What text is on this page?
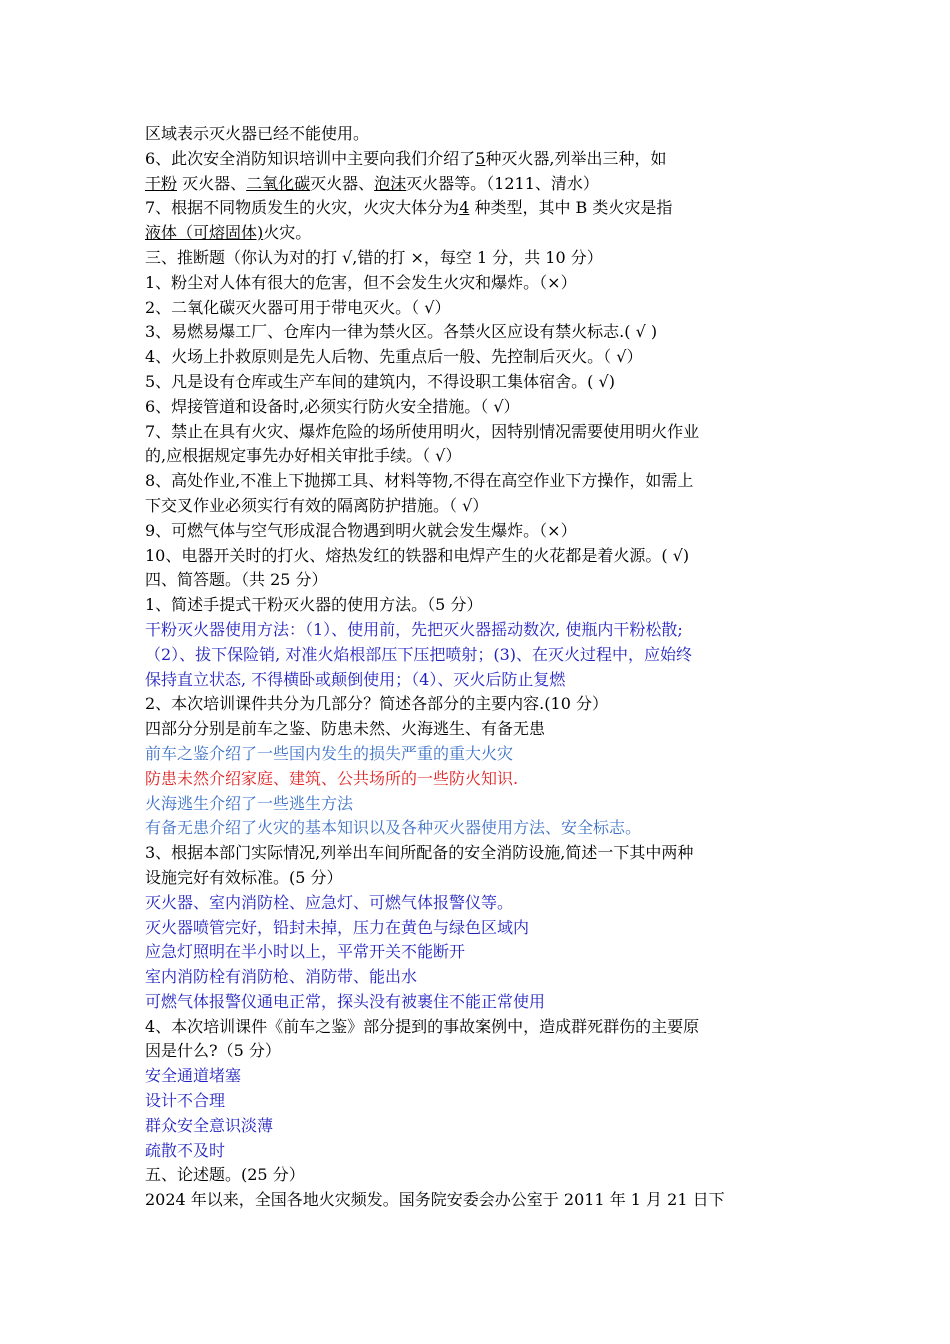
区域表示灭火器已经不能使用。
6、此次安全消防知识培训中主要向我们介绍了5种灭火器,列举出三种，如
干粉 灭火器、二氧化碳灭火器、泡沫灭火器等。（1211、清水）
7、根据不同物质发生的火灾，火灾大体分为4 种类型，其中 B 类火灾是指
液体（可熔固体)火灾。
三、推断题（你认为对的打 √,错的打 ×，每空 1 分，共 10 分）
1、粉尘对人体有很大的危害，但不会发生火灾和爆炸。（×）
2、二氧化碳灭火器可用于带电灭火。（ √）
3、易燃易爆工厂、仓库内一律为禁火区。各禁火区应设有禁火标志.( √ )
4、火场上扑救原则是先人后物、先重点后一般、先控制后灭火。（ √）
5、凡是设有仓库或生产车间的建筑内，不得设职工集体宿舍。( √)
6、焊接管道和设备时,必须实行防火安全措施。（ √）
7、禁止在具有火灾、爆炸危险的场所使用明火，因特别情况需要使用明火作业
的,应根据规定事先办好相关审批手续。（ √）
8、高处作业,不准上下抛掷工具、材料等物,不得在高空作业下方操作，如需上
下交叉作业必须实行有效的隔离防护措施。（ √）
9、可燃气体与空气形成混合物遇到明火就会发生爆炸。（×）
10、电器开关时的打火、熔热发红的铁器和电焊产生的火花都是着火源。( √)
四、简答题。（共 25 分）
1、简述手提式干粉灭火器的使用方法。（5 分）
干粉灭火器使用方法：（1）、使用前，先把灭火器摇动数次, 使瓶内干粉松散;
（2）、拔下保险销, 对准火焰根部压下压把喷射；(3)、在灭火过程中，应始终
保持直立状态, 不得横卧或颠倒使用；（4）、灭火后防止复燃
2、本次培训课件共分为几部分？简述各部分的主要内容.(10 分）
四部分分别是前车之鉴、防患未然、火海逃生、有备无患
前车之鉴介绍了一些国内发生的损失严重的重大火灾
防患未然介绍家庭、建筑、公共场所的一些防火知识.
火海逃生介绍了一些逃生方法
有备无患介绍了火灾的基本知识以及各种灭火器使用方法、安全标志。
3、根据本部门实际情况,列举出车间所配备的安全消防设施,简述一下其中两种
设施完好有效标准。(5 分）
灭火器、室内消防栓、应急灯、可燃气体报警仪等。
灭火器喷管完好，铅封未掉，压力在黄色与绿色区域内
应急灯照明在半小时以上，平常开关不能断开
室内消防栓有消防枪、消防带、能出水
可燃气体报警仪通电正常，探头没有被裹住不能正常使用
4、本次培训课件《前车之鉴》部分提到的事故案例中，造成群死群伤的主要原
因是什么?（5 分）
安全通道堵塞
设计不合理
群众安全意识淡薄
疏散不及时
五、论述题。(25 分）
2024 年以来，全国各地火灾频发。国务院安委会办公室于 2011 年 1 月 21 日下
